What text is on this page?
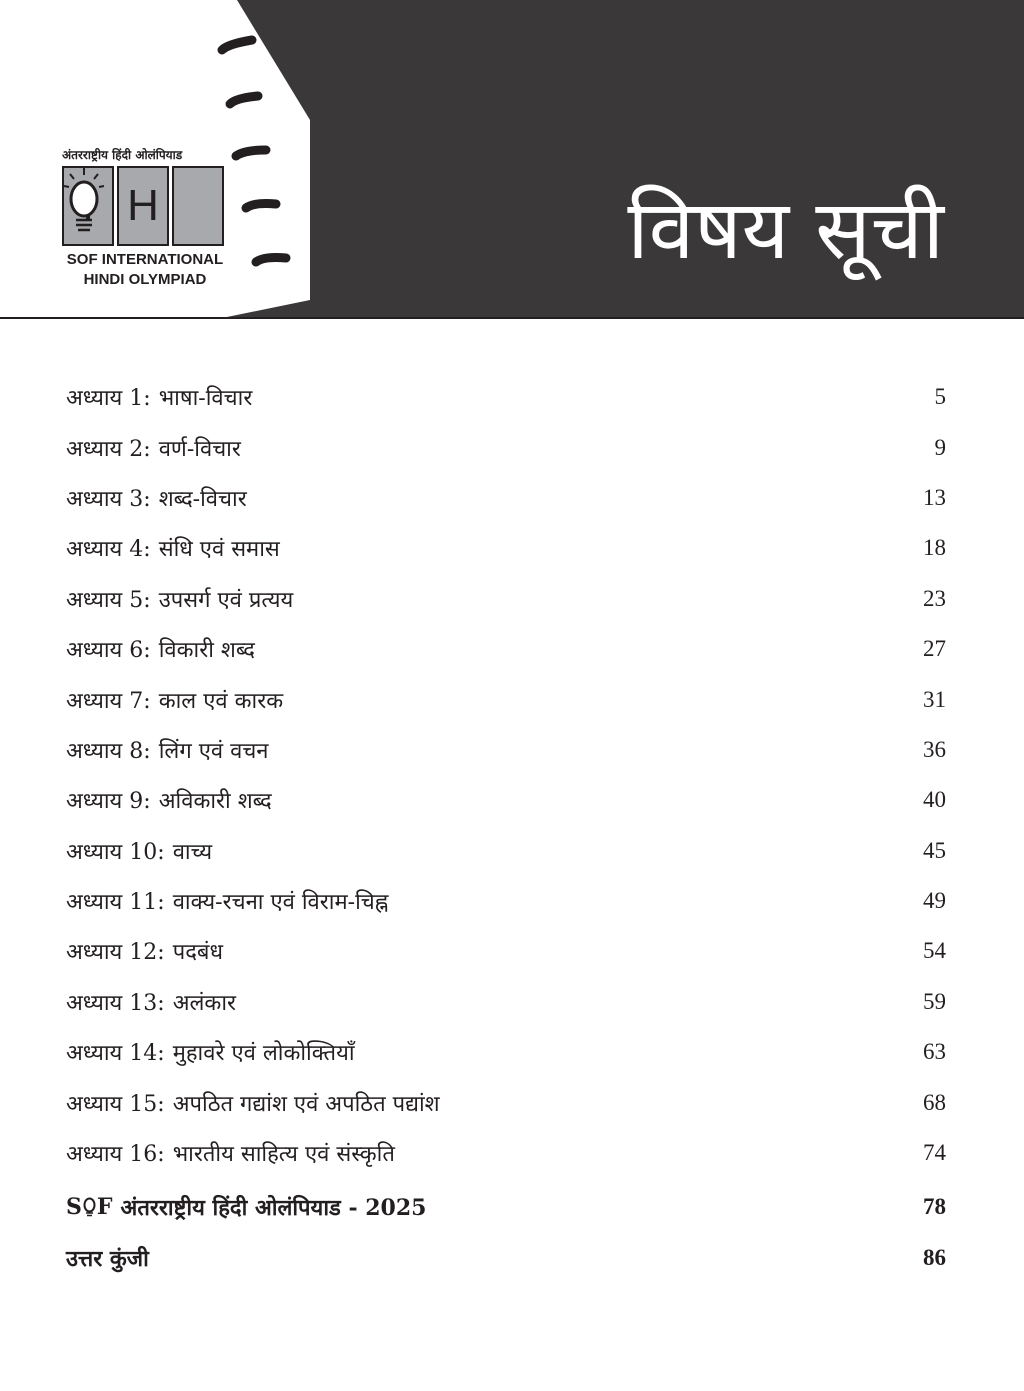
अंतरराष्ट्रीय हिंदी ओलंपियाड
H
SOF INTERNATIONAL
HINDI OLYMPIAD
विषय सूची
अध्याय 1: भाषा-विचार	5
अध्याय 2: वर्ण-विचार	9
अध्याय 3: शब्द-विचार	13
अध्याय 4: संधि एवं समास	18
अध्याय 5: उपसर्ग एवं प्रत्यय	23
अध्याय 6: विकारी शब्द	27
अध्याय 7: काल एवं कारक	31
अध्याय 8: लिंग एवं वचन	36
अध्याय 9: अविकारी शब्द	40
अध्याय 10: वाच्य	45
अध्याय 11: वाक्य-रचना एवं विराम-चिह्न	49
अध्याय 12: पदबंध	54
अध्याय 13: अलंकार	59
अध्याय 14: मुहावरे एवं लोकोक्तियाँ	63
अध्याय 15: अपठित गद्यांश एवं अपठित पद्यांश	68
अध्याय 16: भारतीय साहित्य एवं संस्कृति	74
S F अंतरराष्ट्रीय हिंदी ओलंपियाड - 2025	78
उत्तर कुंजी	86
